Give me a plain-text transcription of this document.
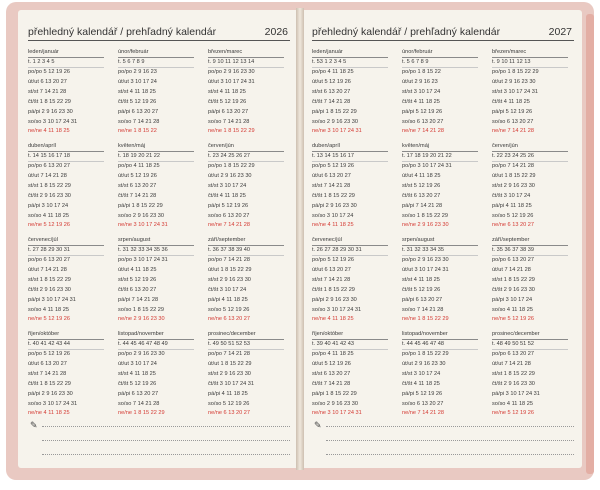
přehledný kalendář / prehľadný kalendár	2026
leden/január
t. 1 2 3 4 5
po/po 5 12 19 26
út/ut 6 13 20 27
st/st 7 14 21 28
čt/št 1 8 15 22 29
pá/pi 2 9 16 23 30
so/so 3 10 17 24 31
ne/ne 4 11 18 25
únor/február
t. 5 6 7 8 9
po/po 2 9 16 23
út/ut 3 10 17 24
st/st 4 11 18 25
čt/št 5 12 19 26
pá/pi 6 13 20 27
so/so 7 14 21 28
ne/ne 1 8 15 22
březen/marec
t. 9 10 11 12 13 14
po/po 2 9 16 23 30
út/ut 3 10 17 24 31
st/st 4 11 18 25
čt/št 5 12 19 26
pá/pi 6 13 20 27
so/so 7 14 21 28
ne/ne 1 8 15 22 29
duben/apríl
t. 14 15 16 17 18
po/po 6 13 20 27
út/ut 7 14 21 28
st/st 1 8 15 22 29
čt/št 2 9 16 23 30
pá/pi 3 10 17 24
so/so 4 11 18 25
ne/ne 5 12 19 26
květen/máj
t. 18 19 20 21 22
po/po 4 11 18 25
út/ut 5 12 19 26
st/st 6 13 20 27
čt/št 7 14 21 28
pá/pi 1 8 15 22 29
so/so 2 9 16 23 30
ne/ne 3 10 17 24 31
červen/jún
t. 23 24 25 26 27
po/po 1 8 15 22 29
út/ut 2 9 16 23 30
st/st 3 10 17 24
čt/št 4 11 18 25
pá/pi 5 12 19 26
so/so 6 13 20 27
ne/ne 7 14 21 28
červenec/júl
t. 27 28 29 30 31
po/po 6 13 20 27
út/ut 7 14 21 28
st/st 1 8 15 22 29
čt/št 2 9 16 23 30
pá/pi 3 10 17 24 31
so/so 4 11 18 25
ne/ne 5 12 19 26
srpen/august
t. 31 32 33 34 35 36
po/po 3 10 17 24 31
út/ut 4 11 18 25
st/st 5 12 19 26
čt/št 6 13 20 27
pá/pi 7 14 21 28
so/so 1 8 15 22 29
ne/ne 2 9 16 23 30
září/september
t. 36 37 38 39 40
po/po 7 14 21 28
út/ut 1 8 15 22 29
st/st 2 9 16 23 30
čt/št 3 10 17 24
pá/pi 4 11 18 25
so/so 5 12 19 26
ne/ne 6 13 20 27
říjen/október
t. 40 41 42 43 44
po/po 5 12 19 26
út/ut 6 13 20 27
st/st 7 14 21 28
čt/št 1 8 15 22 29
pá/pi 2 9 16 23 30
so/so 3 10 17 24 31
ne/ne 4 11 18 25
listopad/november
t. 44 45 46 47 48 49
po/po 2 9 16 23 30
út/ut 3 10 17 24
st/st 4 11 18 25
čt/št 5 12 19 26
pá/pi 6 13 20 27
so/so 7 14 21 28
ne/ne 1 8 15 22 29
prosinec/december
t. 49 50 51 52 53
po/po 7 14 21 28
út/ut 1 8 15 22 29
st/st 2 9 16 23 30
čt/št 3 10 17 24 31
pá/pi 4 11 18 25
so/so 5 12 19 26
ne/ne 6 13 20 27
✎
přehledný kalendář / prehľadný kalendár	2027
leden/január
t. 53 1 2 3 4 5
po/po 4 11 18 25
út/ut 5 12 19 26
st/st 6 13 20 27
čt/št 7 14 21 28
pá/pi 1 8 15 22 29
so/so 2 9 16 23 30
ne/ne 3 10 17 24 31
únor/február
t. 5 6 7 8 9
po/po 1 8 15 22
út/ut 2 9 16 23
st/st 3 10 17 24
čt/št 4 11 18 25
pá/pi 5 12 19 26
so/so 6 13 20 27
ne/ne 7 14 21 28
březen/marec
t. 9 10 11 12 13
po/po 1 8 15 22 29
út/ut 2 9 16 23 30
st/st 3 10 17 24 31
čt/št 4 11 18 25
pá/pi 5 12 19 26
so/so 6 13 20 27
ne/ne 7 14 21 28
duben/apríl
t. 13 14 15 16 17
po/po 5 12 19 26
út/ut 6 13 20 27
st/st 7 14 21 28
čt/št 1 8 15 22 29
pá/pi 2 9 16 23 30
so/so 3 10 17 24
ne/ne 4 11 18 25
květen/máj
t. 17 18 19 20 21 22
po/po 3 10 17 24 31
út/ut 4 11 18 25
st/st 5 12 19 26
čt/št 6 13 20 27
pá/pi 7 14 21 28
so/so 1 8 15 22 29
ne/ne 2 9 16 23 30
červen/jún
t. 22 23 24 25 26
po/po 7 14 21 28
út/ut 1 8 15 22 29
st/st 2 9 16 23 30
čt/št 3 10 17 24
pá/pi 4 11 18 25
so/so 5 12 19 26
ne/ne 6 13 20 27
červenec/júl
t. 26 27 28 29 30 31
po/po 5 12 19 26
út/ut 6 13 20 27
st/st 7 14 21 28
čt/št 1 8 15 22 29
pá/pi 2 9 16 23 30
so/so 3 10 17 24 31
ne/ne 4 11 18 25
srpen/august
t. 31 32 33 34 35
po/po 2 9 16 23 30
út/ut 3 10 17 24 31
st/st 4 11 18 25
čt/št 5 12 19 26
pá/pi 6 13 20 27
so/so 7 14 21 28
ne/ne 1 8 15 22 29
září/september
t. 35 36 37 38 39
po/po 6 13 20 27
út/ut 7 14 21 28
st/st 1 8 15 22 29
čt/št 2 9 16 23 30
pá/pi 3 10 17 24
so/so 4 11 18 25
ne/ne 5 12 19 26
říjen/október
t. 39 40 41 42 43
po/po 4 11 18 25
út/ut 5 12 19 26
st/st 6 13 20 27
čt/št 7 14 21 28
pá/pi 1 8 15 22 29
so/so 2 9 16 23 30
ne/ne 3 10 17 24 31
listopad/november
t. 44 45 46 47 48
po/po 1 8 15 22 29
út/ut 2 9 16 23 30
st/st 3 10 17 24
čt/št 4 11 18 25
pá/pi 5 12 19 26
so/so 6 13 20 27
ne/ne 7 14 21 28
prosinec/december
t. 48 49 50 51 52
po/po 6 13 20 27
út/ut 7 14 21 28
st/st 1 8 15 22 29
čt/št 2 9 16 23 30
pá/pi 3 10 17 24 31
so/so 4 11 18 25
ne/ne 5 12 19 26
✎
